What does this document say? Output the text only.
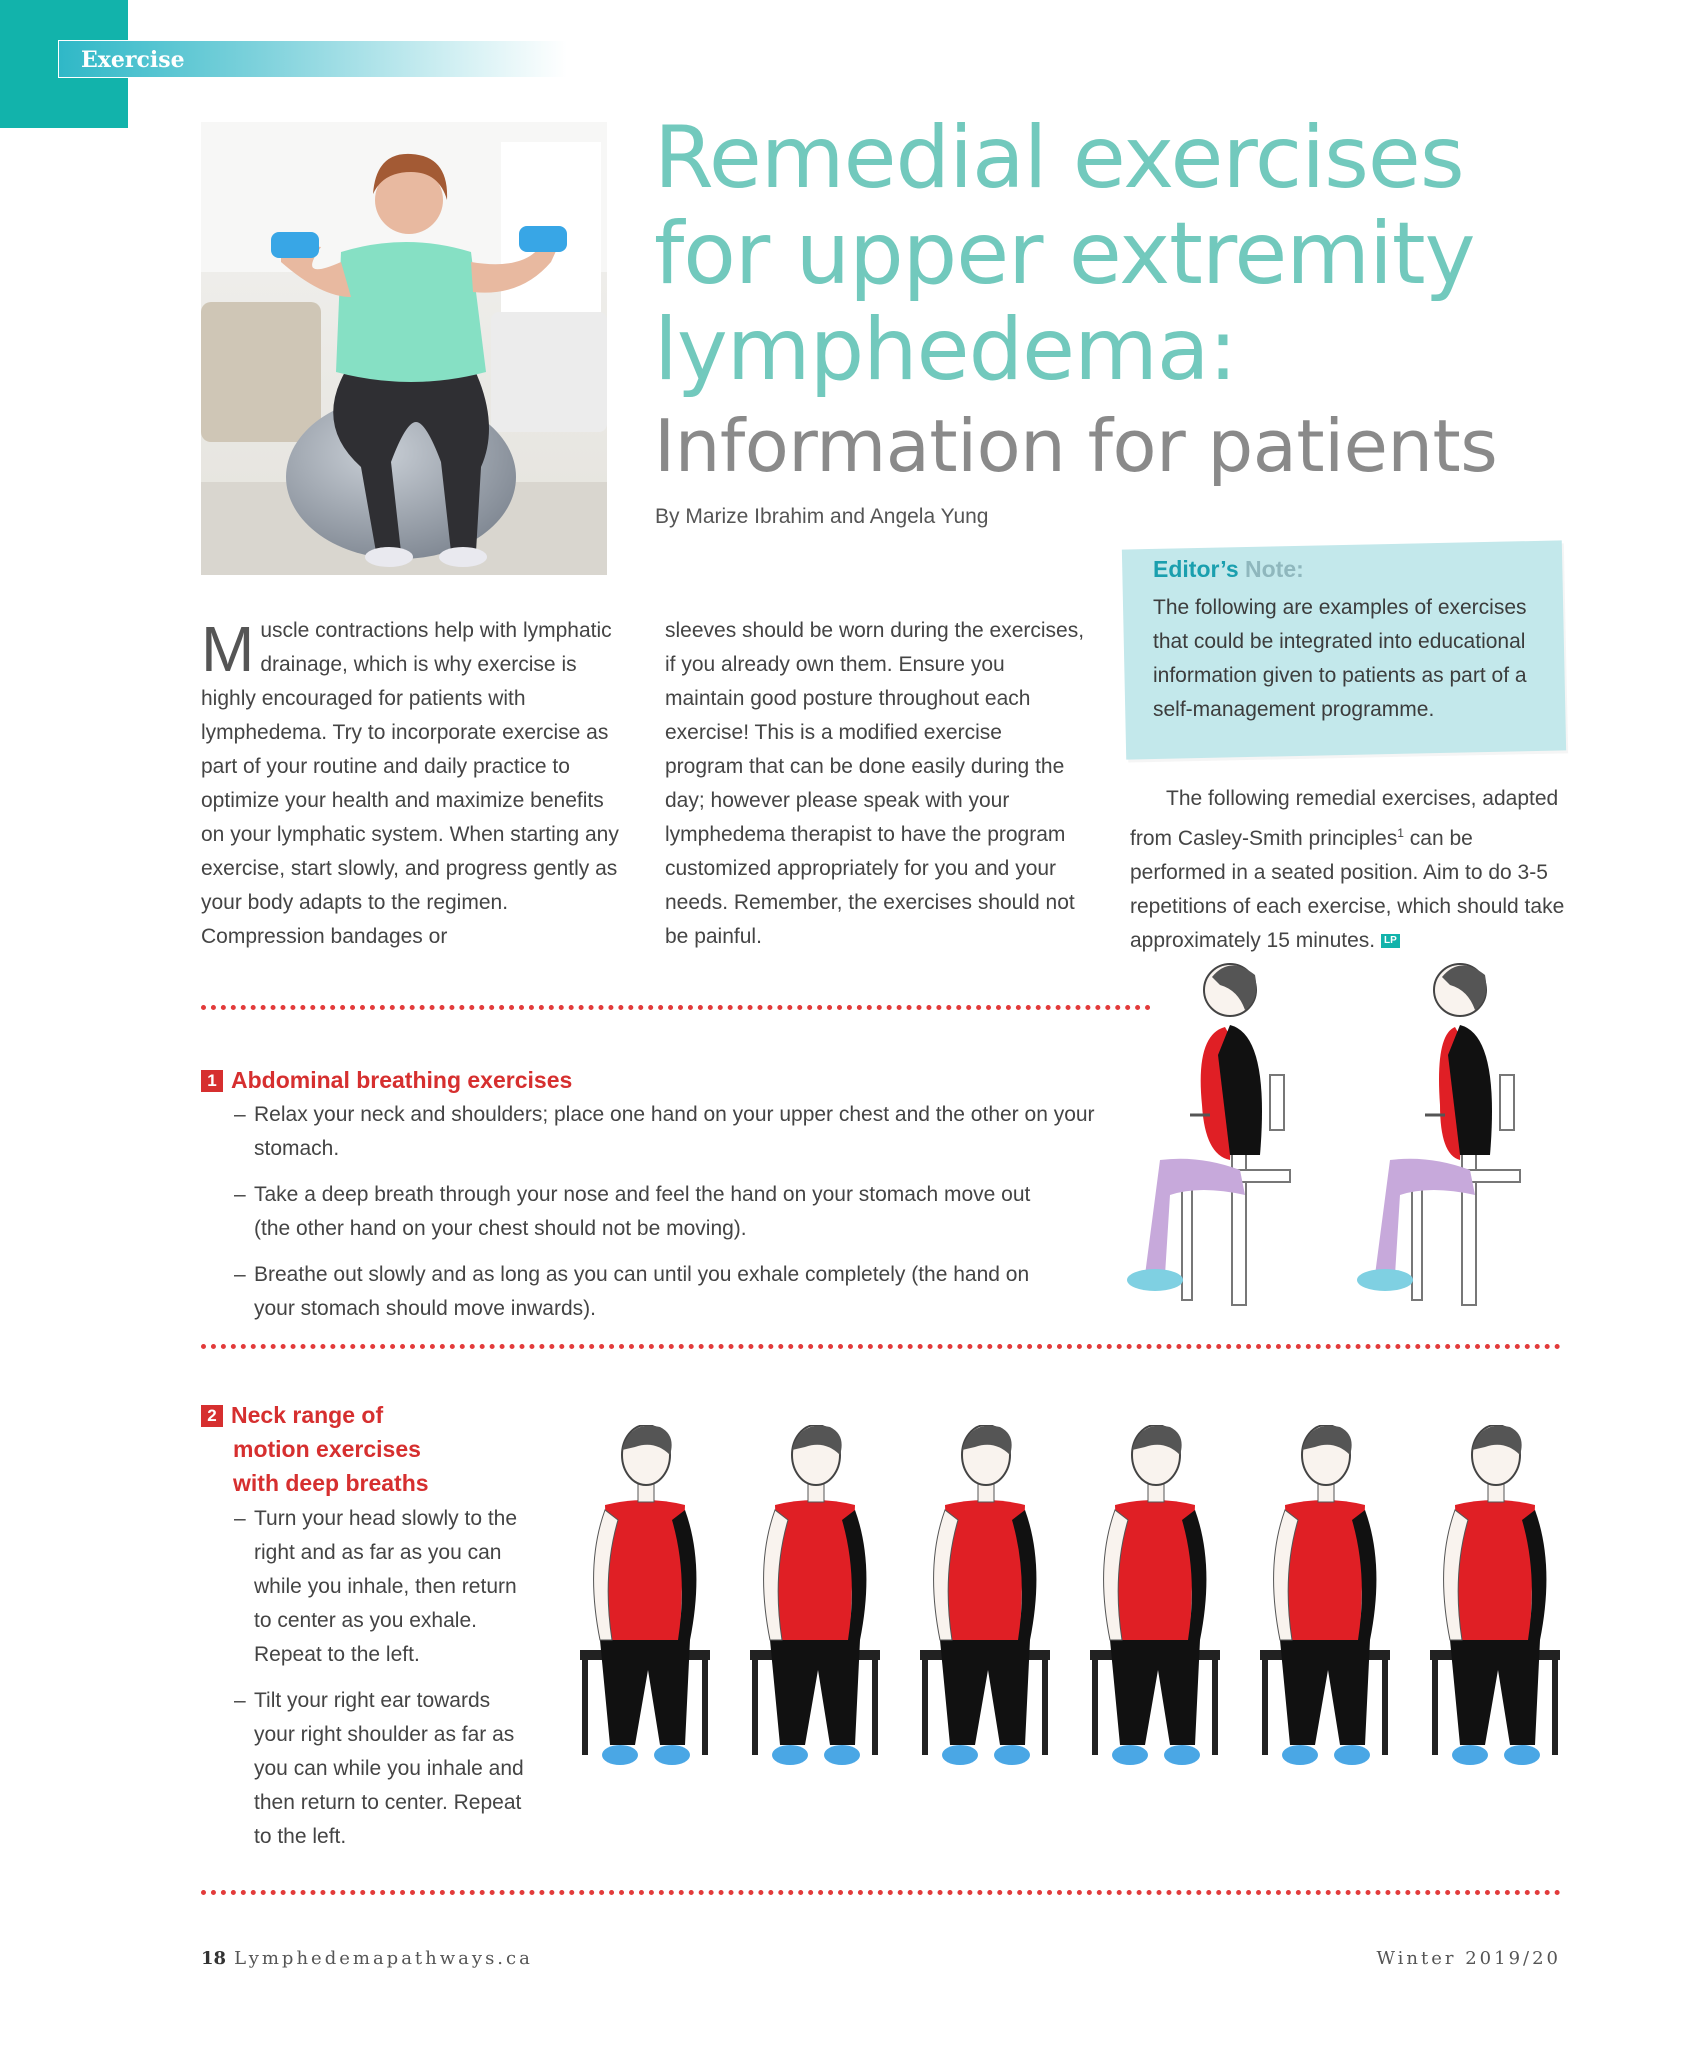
Exercise
Remedial exercises
for upper extremity
lymphedema:
Information for patients
By Marize Ibrahim and Angela Yung
Editor’s Note:
The following are examples of exercises that could be integrated into educational information given to patients as part of a self-management programme.
Muscle contractions help with lymphatic drainage, which is why exercise is highly encouraged for patients with lymphedema. Try to incorporate exercise as part of your routine and daily practice to optimize your health and maximize benefits on your lymphatic system. When starting any exercise, start slowly, and progress gently as your body adapts to the regimen. Compression bandages or
sleeves should be worn during the exercises, if you already own them. Ensure you maintain good posture throughout each exercise! This is a modified exercise program that can be done easily during the day; however please speak with your lymphedema therapist to have the program customized appropriately for you and your needs. Remember, the exercises should not be painful.
The following remedial exercises, adapted from Casley-Smith principles$^1$ can be performed in a seated position. Aim to do 3-5 repetitions of each exercise, which should take approximately 15 minutes. LP
1 Abdominal breathing exercises
– Relax your neck and shoulders; place one hand on your upper chest and the other on your stomach.
– Take a deep breath through your nose and feel the hand on your stomach move out (the other hand on your chest should not be moving).
– Breathe out slowly and as long as you can until you exhale completely (the hand on your stomach should move inwards).
2 Neck range of
motion exercises
with deep breaths
– Turn your head slowly to the right and as far as you can while you inhale, then return to center as you exhale. Repeat to the left.
– Tilt your right ear towards your right shoulder as far as you can while you inhale and then return to center. Repeat to the left.
18 Lymphedemapathways.ca	Winter 2019/20
